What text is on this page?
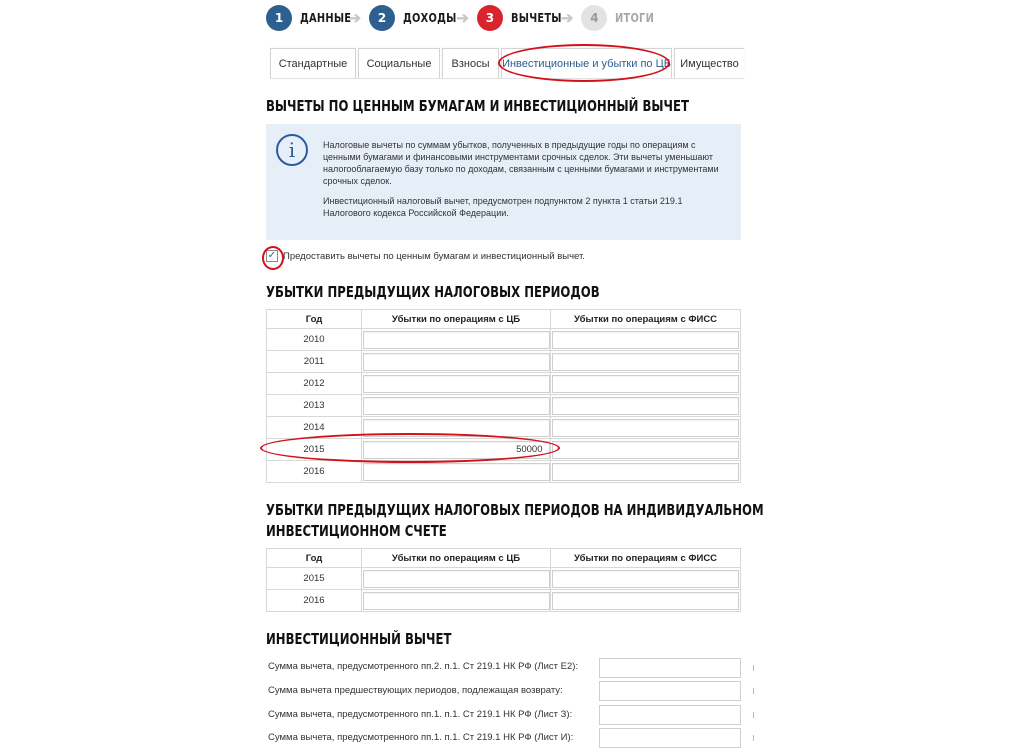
1	ДАННЫЕ
➔	2	ДОХОДЫ ➔	3	ВЫЧЕТЫ ➔	4	ИТОГИ
Стандартные	Социальные	Взносы	Инвестиционные и убытки по ЦБ Имущество
ВЫЧЕТЫ ПО ЦЕННЫМ БУМАГАМ И ИНВЕСТИЦИОННЫЙ ВЫЧЕТ
i	Налоговые вычеты по суммам убытков, полученных в предыдущие годы по операциям с ценными бумагами и финансовыми инструментами срочных сделок. Эти вычеты уменьшают налогооблагаемую базу только по доходам, связанным с ценными бумагами и инструментами срочных сделок.
Инвестиционный налоговый вычет, предусмотрен подпунктом 2 пункта 1 статьи 219.1 Налогового кодекса Российской Федерации.
✓ Предоставить вычеты по ценным бумагам и инвестиционный вычет.
УБЫТКИ ПРЕДЫДУЩИХ НАЛОГОВЫХ ПЕРИОДОВ
Год	Убытки по операциям с ЦБ	Убытки по операциям с ФИСС
2010	

2011	

2012	

2013	

2014	

2015	50000	

2016	

УБЫТКИ ПРЕДЫДУЩИХ НАЛОГОВЫХ ПЕРИОДОВ НА ИНДИВИДУАЛЬНОМ
ИНВЕСТИЦИОННОМ СЧЕТЕ
Год	Убытки по операциям с ЦБ	Убытки по операциям с ФИСС
2015	

2016	

ИНВЕСТИЦИОННЫЙ ВЫЧЕТ
Сумма вычета, предусмотренного пп.2. п.1. Ст 219.1 НК РФ (Лист Е2):
Сумма вычета предшествующих периодов, подлежащая возврату:
Сумма вычета, предусмотренного пп.1. п.1. Ст 219.1 НК РФ (Лист З):
Сумма вычета, предусмотренного пп.1. п.1. Ст 219.1 НК РФ (Лист И):
